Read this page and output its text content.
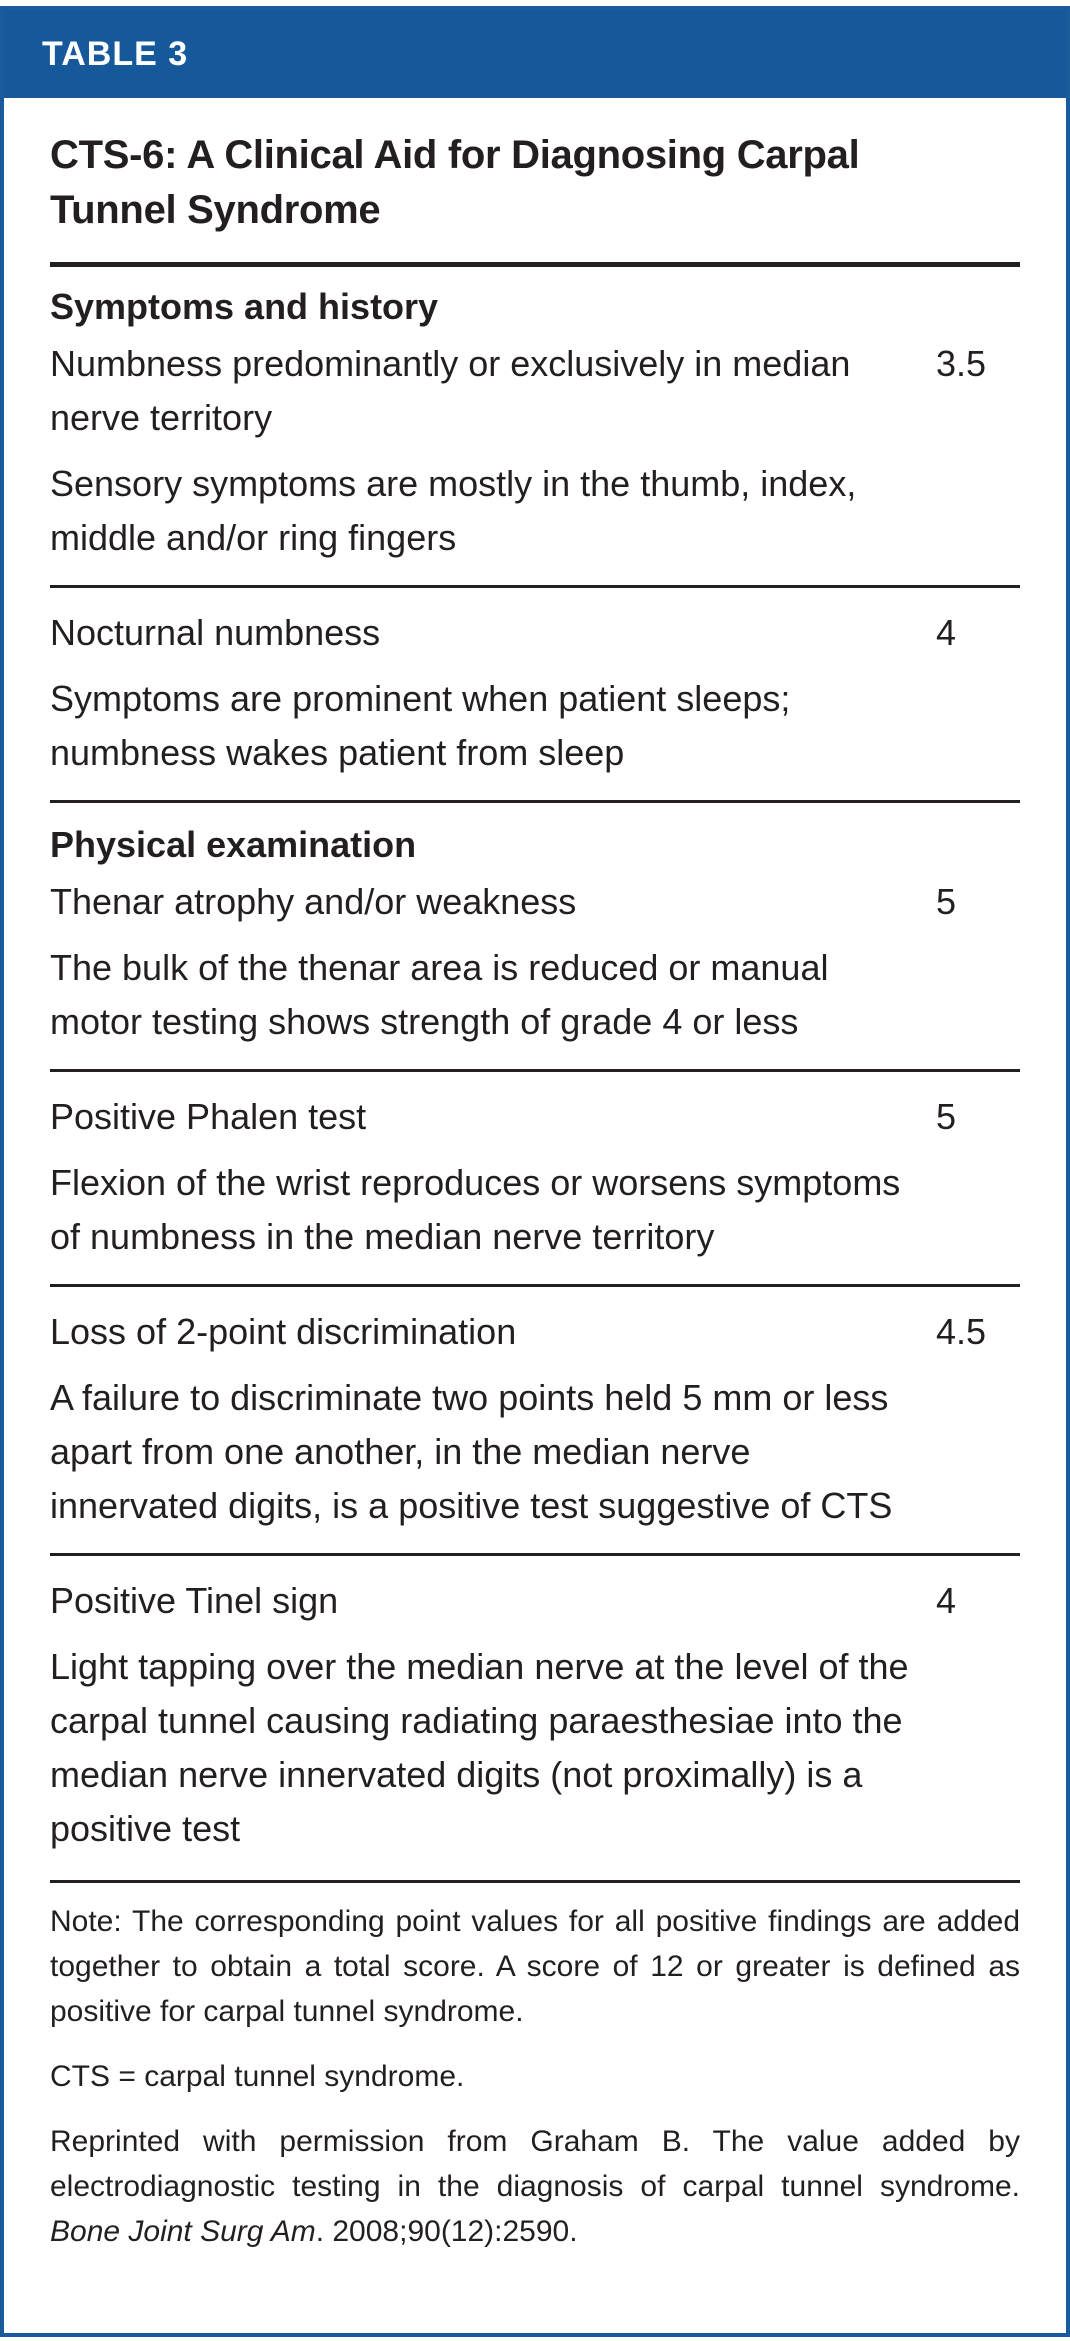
TABLE 3
CTS-6: A Clinical Aid for Diagnosing Carpal Tunnel Syndrome
Symptoms and history
Numbness predominantly or exclusively in median nerve territory
Sensory symptoms are mostly in the thumb, index, middle and/or ring fingers
3.5
Nocturnal numbness
Symptoms are prominent when patient sleeps; numbness wakes patient from sleep
4
Physical examination
Thenar atrophy and/or weakness
The bulk of the thenar area is reduced or manual motor testing shows strength of grade 4 or less
5
Positive Phalen test
Flexion of the wrist reproduces or worsens symptoms of numbness in the median nerve territory
5
Loss of 2-point discrimination
A failure to discriminate two points held 5 mm or less apart from one another, in the median nerve innervated digits, is a positive test suggestive of CTS
4.5
Positive Tinel sign
Light tapping over the median nerve at the level of the carpal tunnel causing radiating paraesthesiae into the median nerve innervated digits (not proximally) is a positive test
4
Note: The corresponding point values for all positive findings are added together to obtain a total score. A score of 12 or greater is defined as positive for carpal tunnel syndrome.
CTS = carpal tunnel syndrome.
Reprinted with permission from Graham B. The value added by electrodiagnostic testing in the diagnosis of carpal tunnel syndrome. Bone Joint Surg Am. 2008;90(12):2590.
